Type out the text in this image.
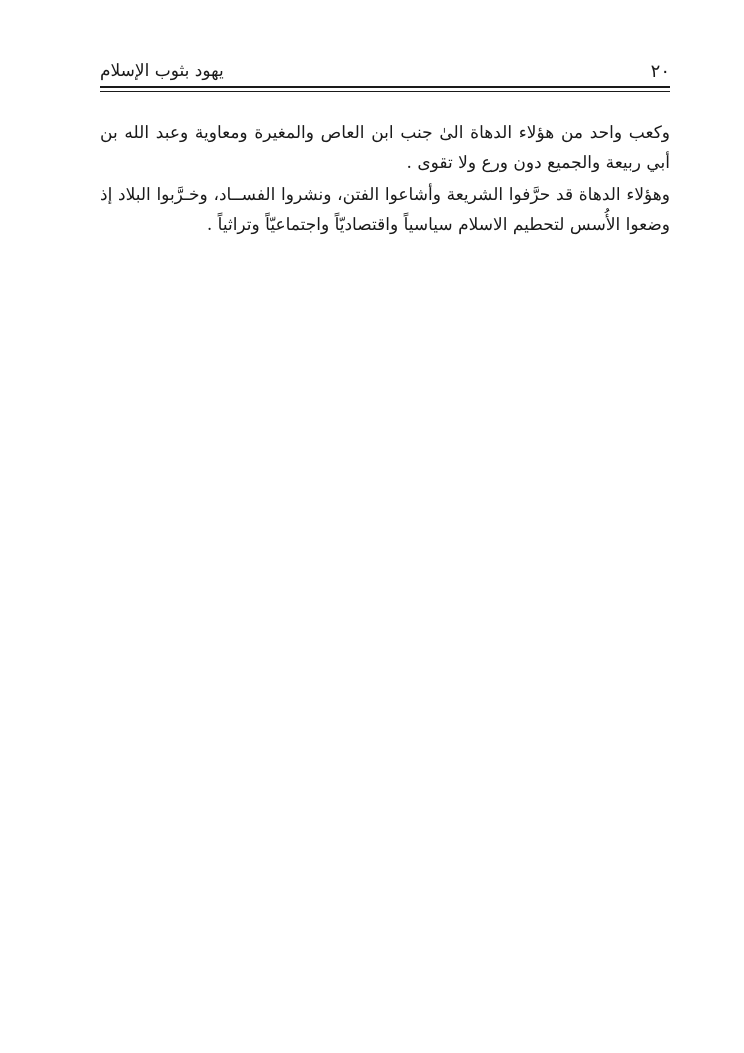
يهود بثوب الإسلام	٢٠

وكعب واحد من هؤلاء الدهاة الىٰ جنب ابن العاص والمغيرة ومعاوية وعبد الله بن أبي ربيعة والجميع دون ورع ولا تقوى .

وهؤلاء الدهاة قد حرَّفوا الشريعة وأشاعوا الفتن، ونشروا الفســاد، وخـرَّبوا البلاد إذ وضعوا الأُسس لتحطيم الاسلام سياسياً واقتصاديّاً واجتماعيّاً وتراثياً .
